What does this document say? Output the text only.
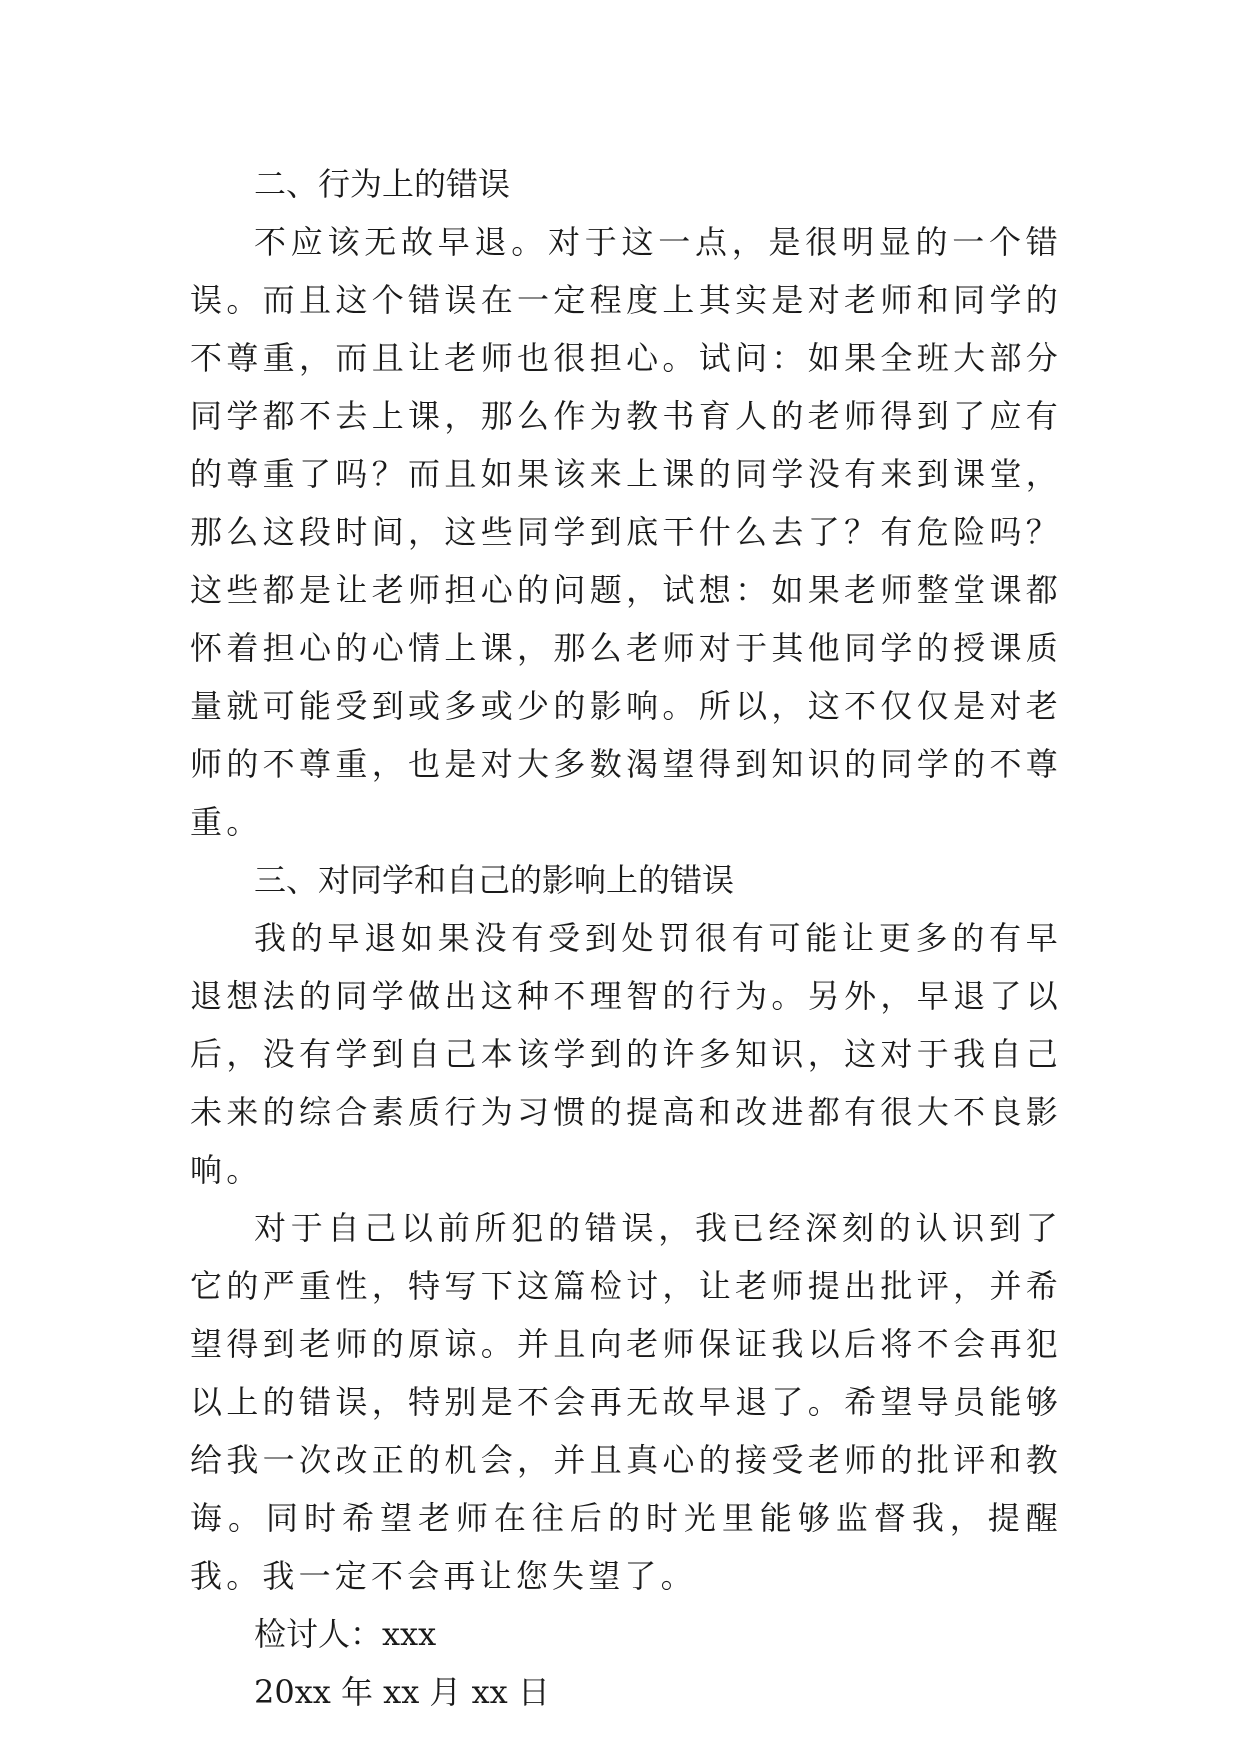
二、行为上的错误

不应该无故早退。对于这一点，是很明显的一个错误。而且这个错误在一定程度上其实是对老师和同学的不尊重，而且让老师也很担心。试问：如果全班大部分同学都不去上课，那么作为教书育人的老师得到了应有的尊重了吗？而且如果该来上课的同学没有来到课堂，那么这段时间，这些同学到底干什么去了？有危险吗？这些都是让老师担心的问题，试想：如果老师整堂课都怀着担心的心情上课，那么老师对于其他同学的授课质量就可能受到或多或少的影响。所以，这不仅仅是对老师的不尊重，也是对大多数渴望得到知识的同学的不尊重。

三、对同学和自己的影响上的错误

我的早退如果没有受到处罚很有可能让更多的有早退想法的同学做出这种不理智的行为。另外，早退了以后，没有学到自己本该学到的许多知识，这对于我自己未来的综合素质行为习惯的提高和改进都有很大不良影响。

对于自己以前所犯的错误，我已经深刻的认识到了它的严重性，特写下这篇检讨，让老师提出批评，并希望得到老师的原谅。并且向老师保证我以后将不会再犯以上的错误，特别是不会再无故早退了。希望导员能够给我一次改正的机会，并且真心的接受老师的批评和教诲。同时希望老师在往后的时光里能够监督我，提醒我。我一定不会再让您失望了。

检讨人：xxx

20xx 年 xx 月 xx 日
